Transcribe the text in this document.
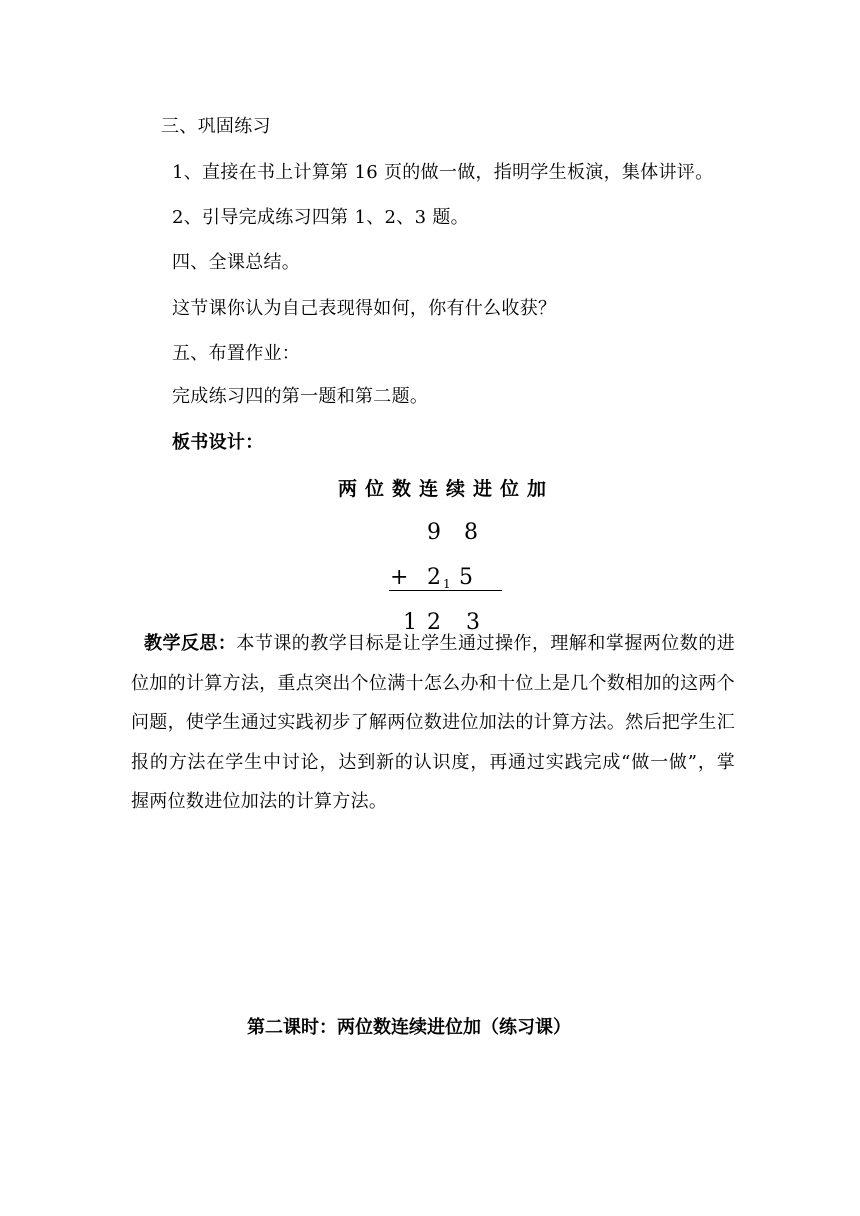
三、巩固练习
1、直接在书上计算第 16 页的做一做，指明学生板演，集体讲评。
2、引导完成练习四第 1、2、3 题。
四、全课总结。
这节课你认为自己表现得如何，你有什么收获？
五、布置作业：
完成练习四的第一题和第二题。
板书设计：
两位数连续进位加
9 8
+ 2 1 5
1 2 3
教学反思：本节课的教学目标是让学生通过操作，理解和掌握两位数的进位加的计算方法，重点突出个位满十怎么办和十位上是几个数相加的这两个问题，使学生通过实践初步了解两位数进位加法的计算方法。然后把学生汇报的方法在学生中讨论，达到新的认识度，再通过实践完成“做一做”，掌握两位数进位加法的计算方法。
第二课时：两位数连续进位加（练习课）
